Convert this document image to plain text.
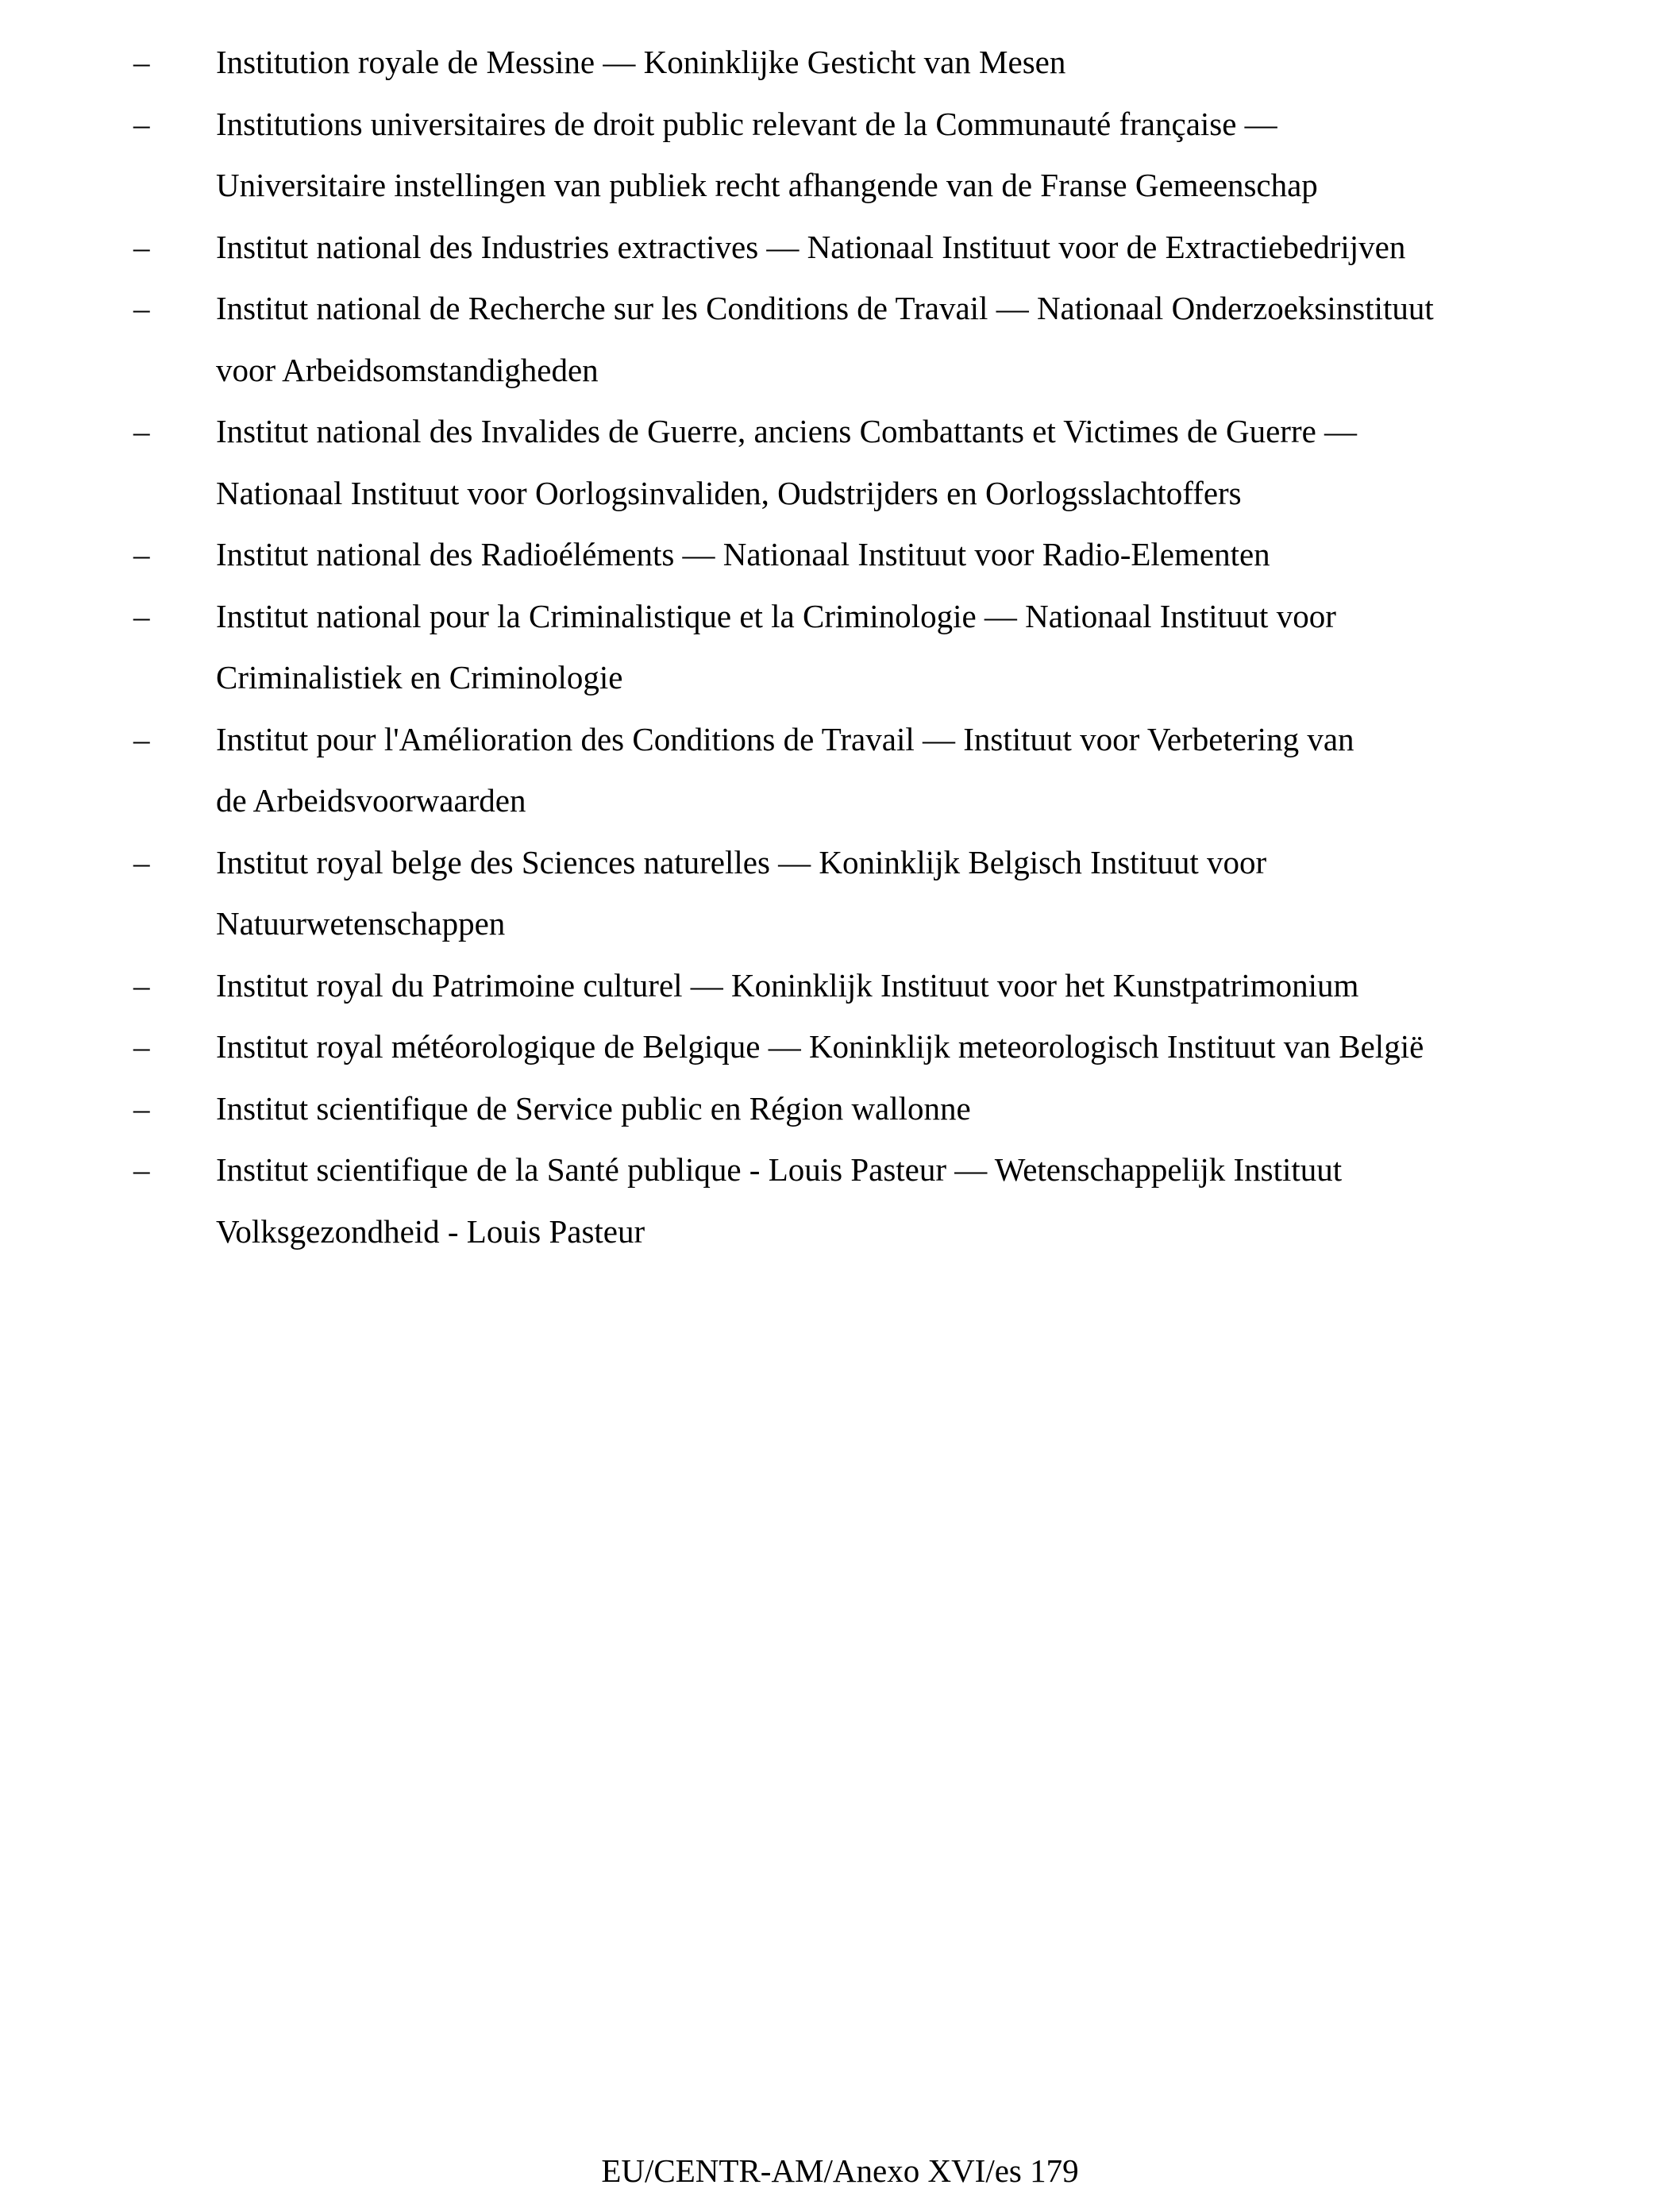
– Institution royale de Messine — Koninklijke Gesticht van Mesen
– Institutions universitaires de droit public relevant de la Communauté française —
Universitaire instellingen van publiek recht afhangende van de Franse Gemeenschap
– Institut national des Industries extractives — Nationaal Instituut voor de Extractiebedrijven
– Institut national de Recherche sur les Conditions de Travail — Nationaal Onderzoeksinstituut
voor Arbeidsomstandigheden
– Institut national des Invalides de Guerre, anciens Combattants et Victimes de Guerre —
Nationaal Instituut voor Oorlogsinvaliden, Oudstrijders en Oorlogsslachtoffers
– Institut national des Radioéléments — Nationaal Instituut voor Radio-Elementen
– Institut national pour la Criminalistique et la Criminologie — Nationaal Instituut voor
Criminalistiek en Criminologie
– Institut pour l'Amélioration des Conditions de Travail — Instituut voor Verbetering van
de Arbeidsvoorwaarden
– Institut royal belge des Sciences naturelles — Koninklijk Belgisch Instituut voor
Natuurwetenschappen
– Institut royal du Patrimoine culturel — Koninklijk Instituut voor het Kunstpatrimonium
– Institut royal météorologique de Belgique — Koninklijk meteorologisch Instituut van België
– Institut scientifique de Service public en Région wallonne
– Institut scientifique de la Santé publique - Louis Pasteur — Wetenschappelijk Instituut
Volksgezondheid - Louis Pasteur
EU/CENTR-AM/Anexo XVI/es 179
